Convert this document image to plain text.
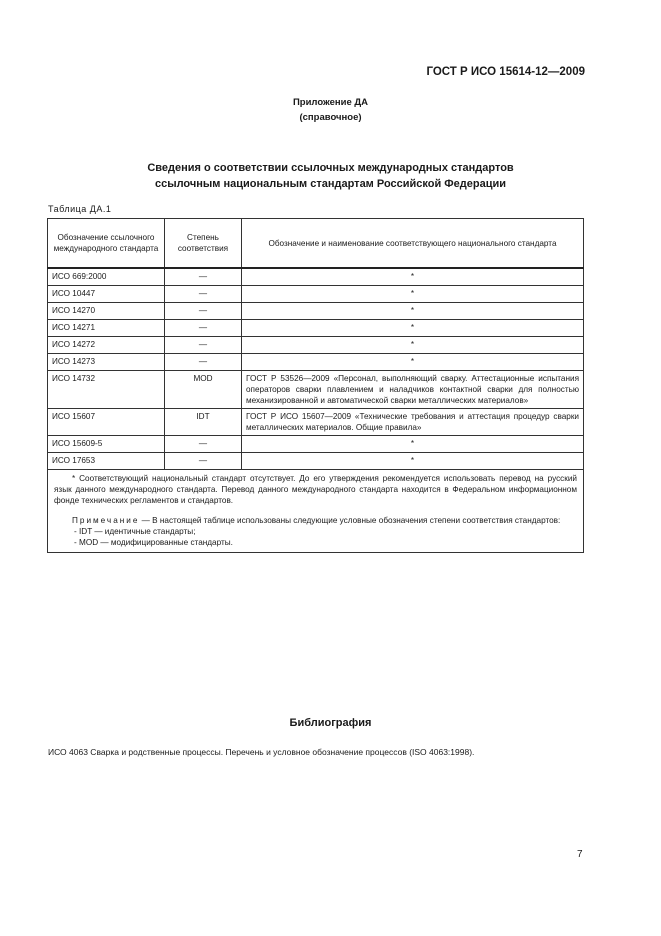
ГОСТ Р ИСО 15614-12—2009
Приложение ДА
(справочное)
Сведения о соответствии ссылочных международных стандартов
ссылочным национальным стандартам Российской Федерации
Таблица ДА.1
Обозначение ссылочного международного стандарта	Степень соответствия	Обозначение и наименование соответствующего национального стандарта
ИСО 669:2000	—	*
ИСО 10447	—	*
ИСО 14270	—	*
ИСО 14271	—	*
ИСО 14272	—	*
ИСО 14273	—	*
ИСО 14732	MOD	ГОСТ Р 53526—2009 «Персонал, выполняющий сварку. Аттестационные испытания операторов сварки плавлением и наладчиков контактной сварки для полностью механизированной и автоматической сварки металлических материалов»
ИСО 15607	IDT	ГОСТ Р ИСО 15607—2009 «Технические требования и аттестация процедур сварки металлических материалов. Общие правила»
ИСО 15609-5	—	*
ИСО 17653	—	*

* Соответствующий национальный стандарт отсутствует. До его утверждения рекомендуется использовать перевод на русский язык данного международного стандарта. Перевод данного международного стандарта находится в Федеральном информационном фонде технических регламентов и стандартов.

Примечание — В настоящей таблице использованы следующие условные обозначения степени соответствия стандартов:

- IDT — идентичные стандарты;

- MOD — модифицированные стандарты.		

Библиография
ИСО 4063 Сварка и родственные процессы. Перечень и условное обозначение процессов (ISO 4063:1998).
7
